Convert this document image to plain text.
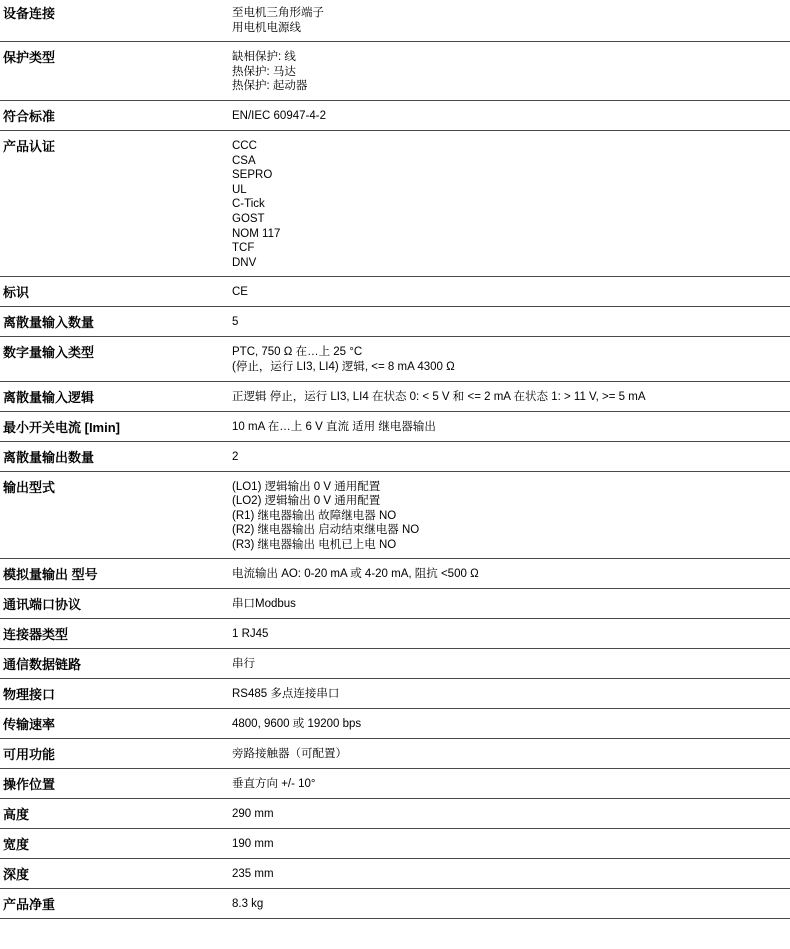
设备连接	至电机三角形端子
用电机电源线
保护类型	缺相保护: 线
热保护: 马达
热保护: 起动器
符合标准	EN/IEC 60947-4-2
产品认证	CCC
CSA
SEPRO
UL
C-Tick
GOST
NOM 117
TCF
DNV
标识	CE
离散量输入数量	5
数字量输入类型	PTC, 750 Ω 在…上 25 °C
(停止，运行 LI3, LI4) 逻辑, <= 8 mA 4300 Ω
离散量输入逻辑	正逻辑 停止，运行 LI3, LI4 在状态 0: < 5 V 和 <= 2 mA 在状态 1: > 11 V, >= 5 mA
最小开关电流 [Imin]	10 mA 在…上 6 V 直流 适用 继电器输出
离散量输出数量	2
输出型式	(LO1) 逻辑输出 0 V 通用配置
(LO2) 逻辑输出 0 V 通用配置
(R1) 继电器输出 故障继电器 NO
(R2) 继电器输出 启动结束继电器 NO
(R3) 继电器输出 电机已上电 NO
模拟量输出 型号	电流输出 AO: 0-20 mA 或 4-20 mA, 阻抗 <500 Ω
通讯端口协议	串口Modbus
连接器类型	1 RJ45
通信数据链路	串行
物理接口	RS485 多点连接串口
传输速率	4800, 9600 或 19200 bps
可用功能	旁路接触器（可配置）
操作位置	垂直方向 +/- 10°
高度	290 mm
宽度	190 mm
深度	235 mm
产品净重	8.3 kg
